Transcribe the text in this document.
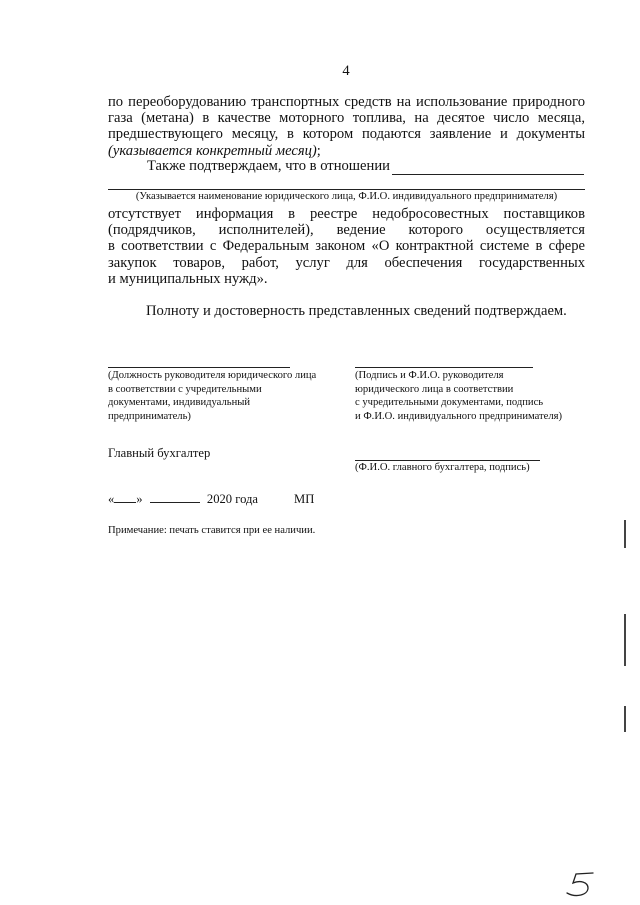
4
по переоборудованию транспортных средств на использование природного
газа (метана) в качестве моторного топлива, на десятое число месяца,
предшествующего месяцу, в котором подаются заявление и документы
(указывается конкретный месяц);
Также подтверждаем, что в отношении
(Указывается наименование юридического лица, Ф.И.О. индивидуального предпринимателя)
отсутствует информация в реестре недобросовестных поставщиков
(подрядчиков, исполнителей), ведение которого осуществляется
в соответствии с Федеральным законом «О контрактной системе в сфере
закупок товаров, работ, услуг для обеспечения государственных
и муниципальных нужд».
Полноту и достоверность представленных сведений подтверждаем.
(Должность руководителя юридического лица
в соответствии с учредительными
документами, индивидуальный
предприниматель)
(Подпись и Ф.И.О. руководителя
юридического лица в соответствии
с учредительными документами, подпись
и Ф.И.О. индивидуального предпринимателя)
Главный бухгалтер
(Ф.И.О. главного бухгалтера, подпись)
« »	2020 года	МП
Примечание: печать ставится при ее наличии.
